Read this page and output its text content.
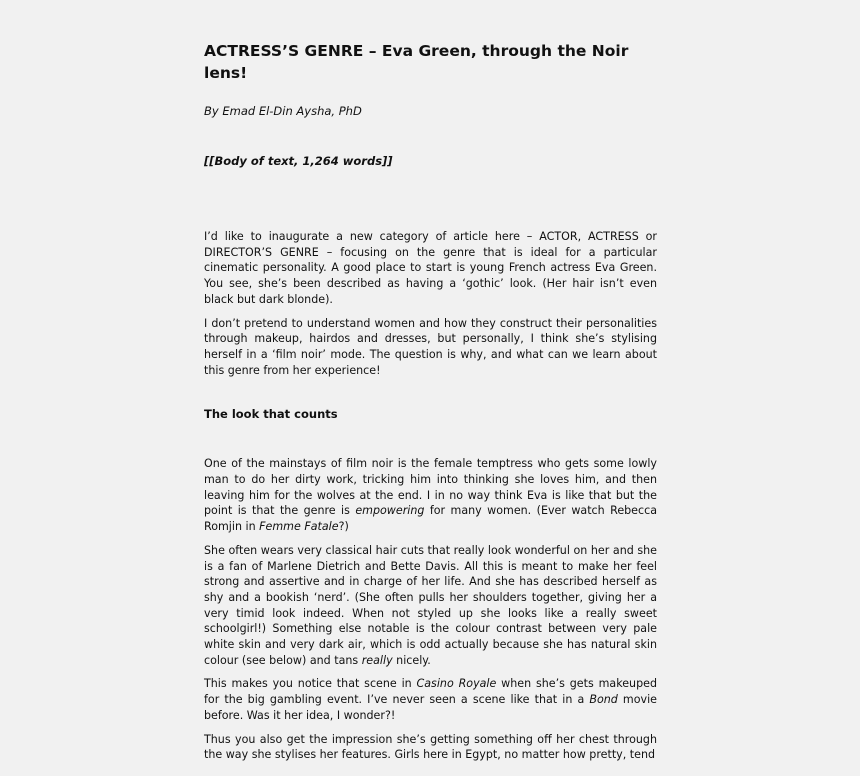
ACTRESS’S GENRE – Eva Green, through the Noir lens!

By Emad El-Din Aysha, PhD

[[Body of text, 1,264 words]]

I’d like to inaugurate a new category of article here – ACTOR, ACTRESS or DIRECTOR’S GENRE – focusing on the genre that is ideal for a particular cinematic personality. A good place to start is young French actress Eva Green. You see, she’s been described as having a ‘gothic’ look. (Her hair isn’t even black but dark blonde).

I don’t pretend to understand women and how they construct their personalities through makeup, hairdos and dresses, but personally, I think she’s stylising herself in a ‘film noir’ mode. The question is why, and what can we learn about this genre from her experience!

The look that counts

One of the mainstays of film noir is the female temptress who gets some lowly man to do her dirty work, tricking him into thinking she loves him, and then leaving him for the wolves at the end. I in no way think Eva is like that but the point is that the genre is empowering for many women. (Ever watch Rebecca Romjin in Femme Fatale?)

She often wears very classical hair cuts that really look wonderful on her and she is a fan of Marlene Dietrich and Bette Davis. All this is meant to make her feel strong and assertive and in charge of her life. And she has described herself as shy and a bookish ‘nerd’. (She often pulls her shoulders together, giving her a very timid look indeed. When not styled up she looks like a really sweet schoolgirl!) Something else notable is the colour contrast between very pale white skin and very dark air, which is odd actually because she has natural skin colour (see below) and tans really nicely.

This makes you notice that scene in Casino Royale when she’s gets makeuped for the big gambling event. I’ve never seen a scene like that in a Bond movie before. Was it her idea, I wonder?!

Thus you also get the impression she’s getting something off her chest through the way she stylises her features. Girls here in Egypt, no matter how pretty, tend
